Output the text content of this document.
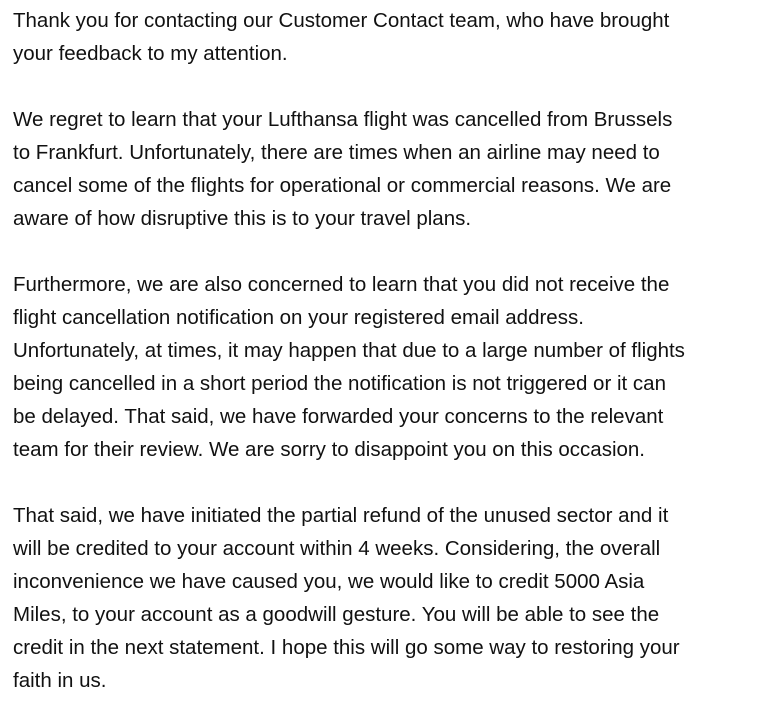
Thank you for contacting our Customer Contact team, who have brought
your feedback to my attention.

We regret to learn that your Lufthansa flight was cancelled from Brussels
to Frankfurt. Unfortunately, there are times when an airline may need to
cancel some of the flights for operational or commercial reasons. We are
aware of how disruptive this is to your travel plans.

Furthermore, we are also concerned to learn that you did not receive the
flight cancellation notification on your registered email address.
Unfortunately, at times, it may happen that due to a large number of flights
being cancelled in a short period the notification is not triggered or it can
be delayed. That said, we have forwarded your concerns to the relevant
team for their review. We are sorry to disappoint you on this occasion.

That said, we have initiated the partial refund of the unused sector and it
will be credited to your account within 4 weeks. Considering, the overall
inconvenience we have caused you, we would like to credit 5000 Asia
Miles, to your account as a goodwill gesture. You will be able to see the
credit in the next statement. I hope this will go some way to restoring your
faith in us.
